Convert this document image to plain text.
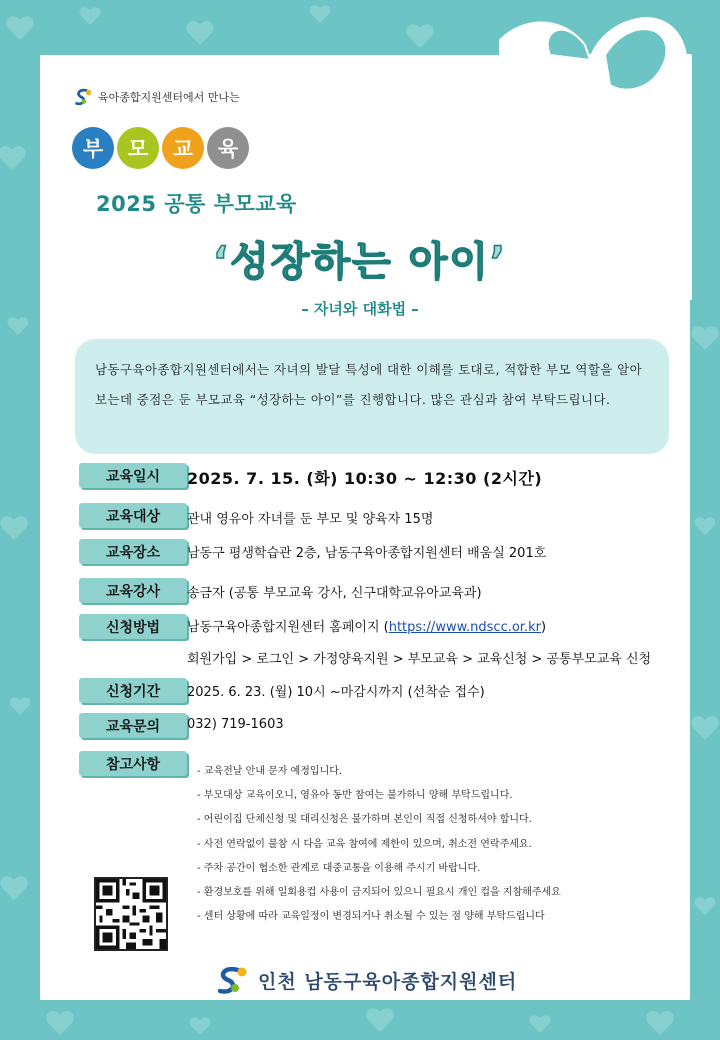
육아종합지원센터에서 만나는
부	모	교	육
2025 공통 부모교육
‘성장하는 아이’
– 자녀와 대화법 –
남동구육아종합지원센터에서는 자녀의 발달 특성에 대한 이해를 토대로, 적합한 부모 역할을 알아보는데 중점은 둔 부모교육 “성장하는 아이”를 진행합니다. 많은 관심과 참여 부탁드립니다.
교육일시	2025. 7. 15. (화) 10:30 ~ 12:30 (2시간)
교육대상	관내 영유아 자녀를 둔 부모 및 양육자 15명
교육장소	남동구 평생학습관 2층, 남동구육아종합지원센터 배움실 201호
교육강사	송금자 (공통 부모교육 강사, 신구대학교유아교육과)
신청방법	남동구육아종합지원센터 홈페이지 (https://www.ndscc.or.kr)
회원가입 > 로그인 > 가정양육지원 > 부모교육 > 교육신청 > 공통부모교육 신청
신청기간	2025. 6. 23. (월) 10시 ~마감시까지 (선착순 접수)
교육문의	032) 719-1603
참고사항	- 교육전날 안내 문자 예정입니다.
- 부모대상 교육이오니, 영유아 동반 참여는 불가하니 양해 부탁드립니다.
- 어린이집 단체신청 및 대리신청은 불가하며 본인이 직접 신청하셔야 합니다.
- 사전 연락없이 불참 시 다음 교육 참여에 제한이 있으며, 취소전 연락주세요.
- 주차 공간이 협소한 관계로 대중교통을 이용해 주시기 바랍니다.
- 환경보호를 위해 일회용컵 사용이 금지되어 있으니 필요시 개인 컵을 지참해주세요
- 센터 상황에 따라 교육일정이 변경되거나 취소될 수 있는 점 양해 부탁드립니다
인천 남동구육아종합지원센터
